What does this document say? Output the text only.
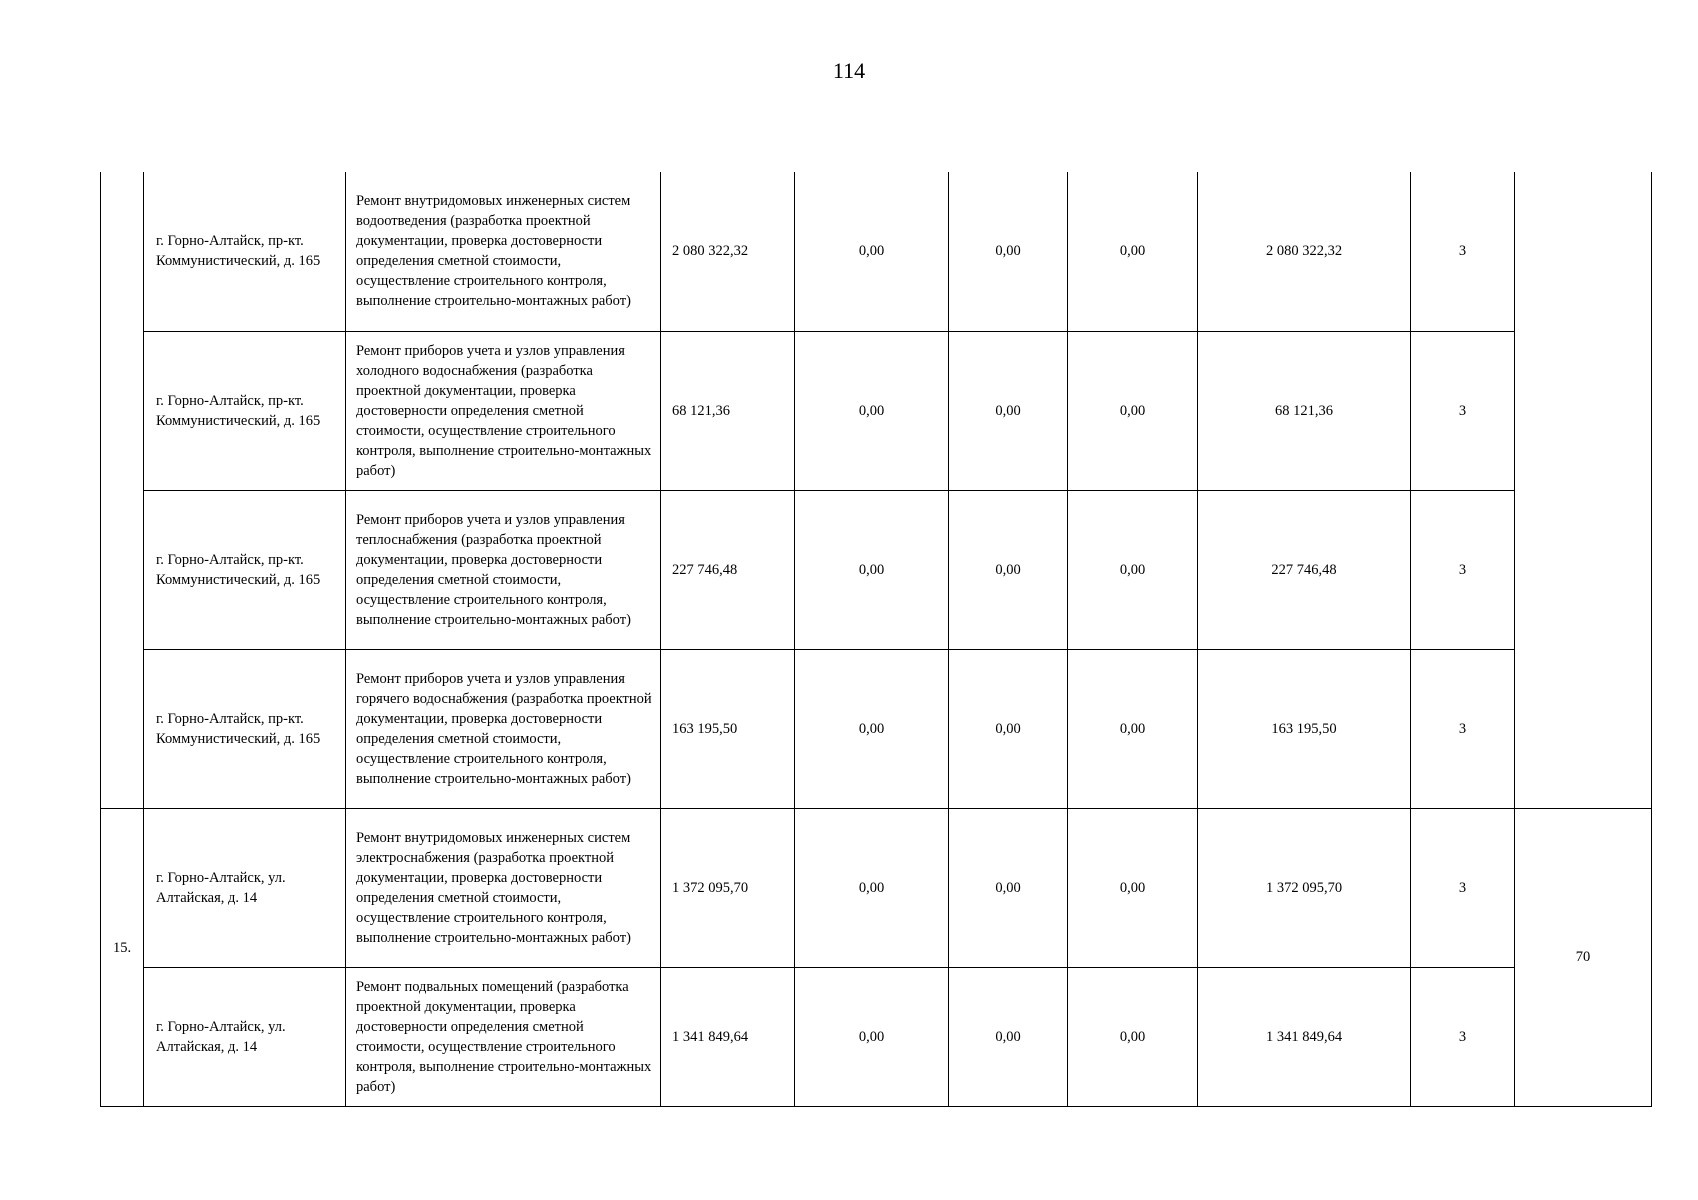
114
	г. Горно-Алтайск, пр-кт. Коммунистический, д. 165	Ремонт внутридомовых инженерных систем водоотведения (разработка проектной документации, проверка достоверности определения сметной стоимости, осуществление строительного контроля, выполнение строительно-монтажных работ)	2 080 322,32	0,00	0,00	0,00	2 080 322,32	3	
	г. Горно-Алтайск, пр-кт. Коммунистический, д. 165	Ремонт приборов учета и узлов управления холодного водоснабжения (разработка проектной документации, проверка достоверности определения сметной стоимости, осуществление строительного контроля, выполнение строительно-монтажных работ)	68 121,36	0,00	0,00	0,00	68 121,36	3	
	г. Горно-Алтайск, пр-кт. Коммунистический, д. 165	Ремонт приборов учета и узлов управления теплоснабжения (разработка проектной документации, проверка достоверности определения сметной стоимости, осуществление строительного контроля, выполнение строительно-монтажных работ)	227 746,48	0,00	0,00	0,00	227 746,48	3	
	г. Горно-Алтайск, пр-кт. Коммунистический, д. 165	Ремонт приборов учета и узлов управления горячего водоснабжения (разработка проектной документации, проверка достоверности определения сметной стоимости, осуществление строительного контроля, выполнение строительно-монтажных работ)	163 195,50	0,00	0,00	0,00	163 195,50	3	
15.	г. Горно-Алтайск, ул. Алтайская, д. 14	Ремонт внутридомовых инженерных систем электроснабжения (разработка проектной документации, проверка достоверности определения сметной стоимости, осуществление строительного контроля, выполнение строительно-монтажных работ)	1 372 095,70	0,00	0,00	0,00	1 372 095,70	3	70
	г. Горно-Алтайск, ул. Алтайская, д. 14	Ремонт подвальных помещений (разработка проектной документации, проверка достоверности определения сметной стоимости, осуществление строительного контроля, выполнение строительно-монтажных работ)	1 341 849,64	0,00	0,00	0,00	1 341 849,64	3	
